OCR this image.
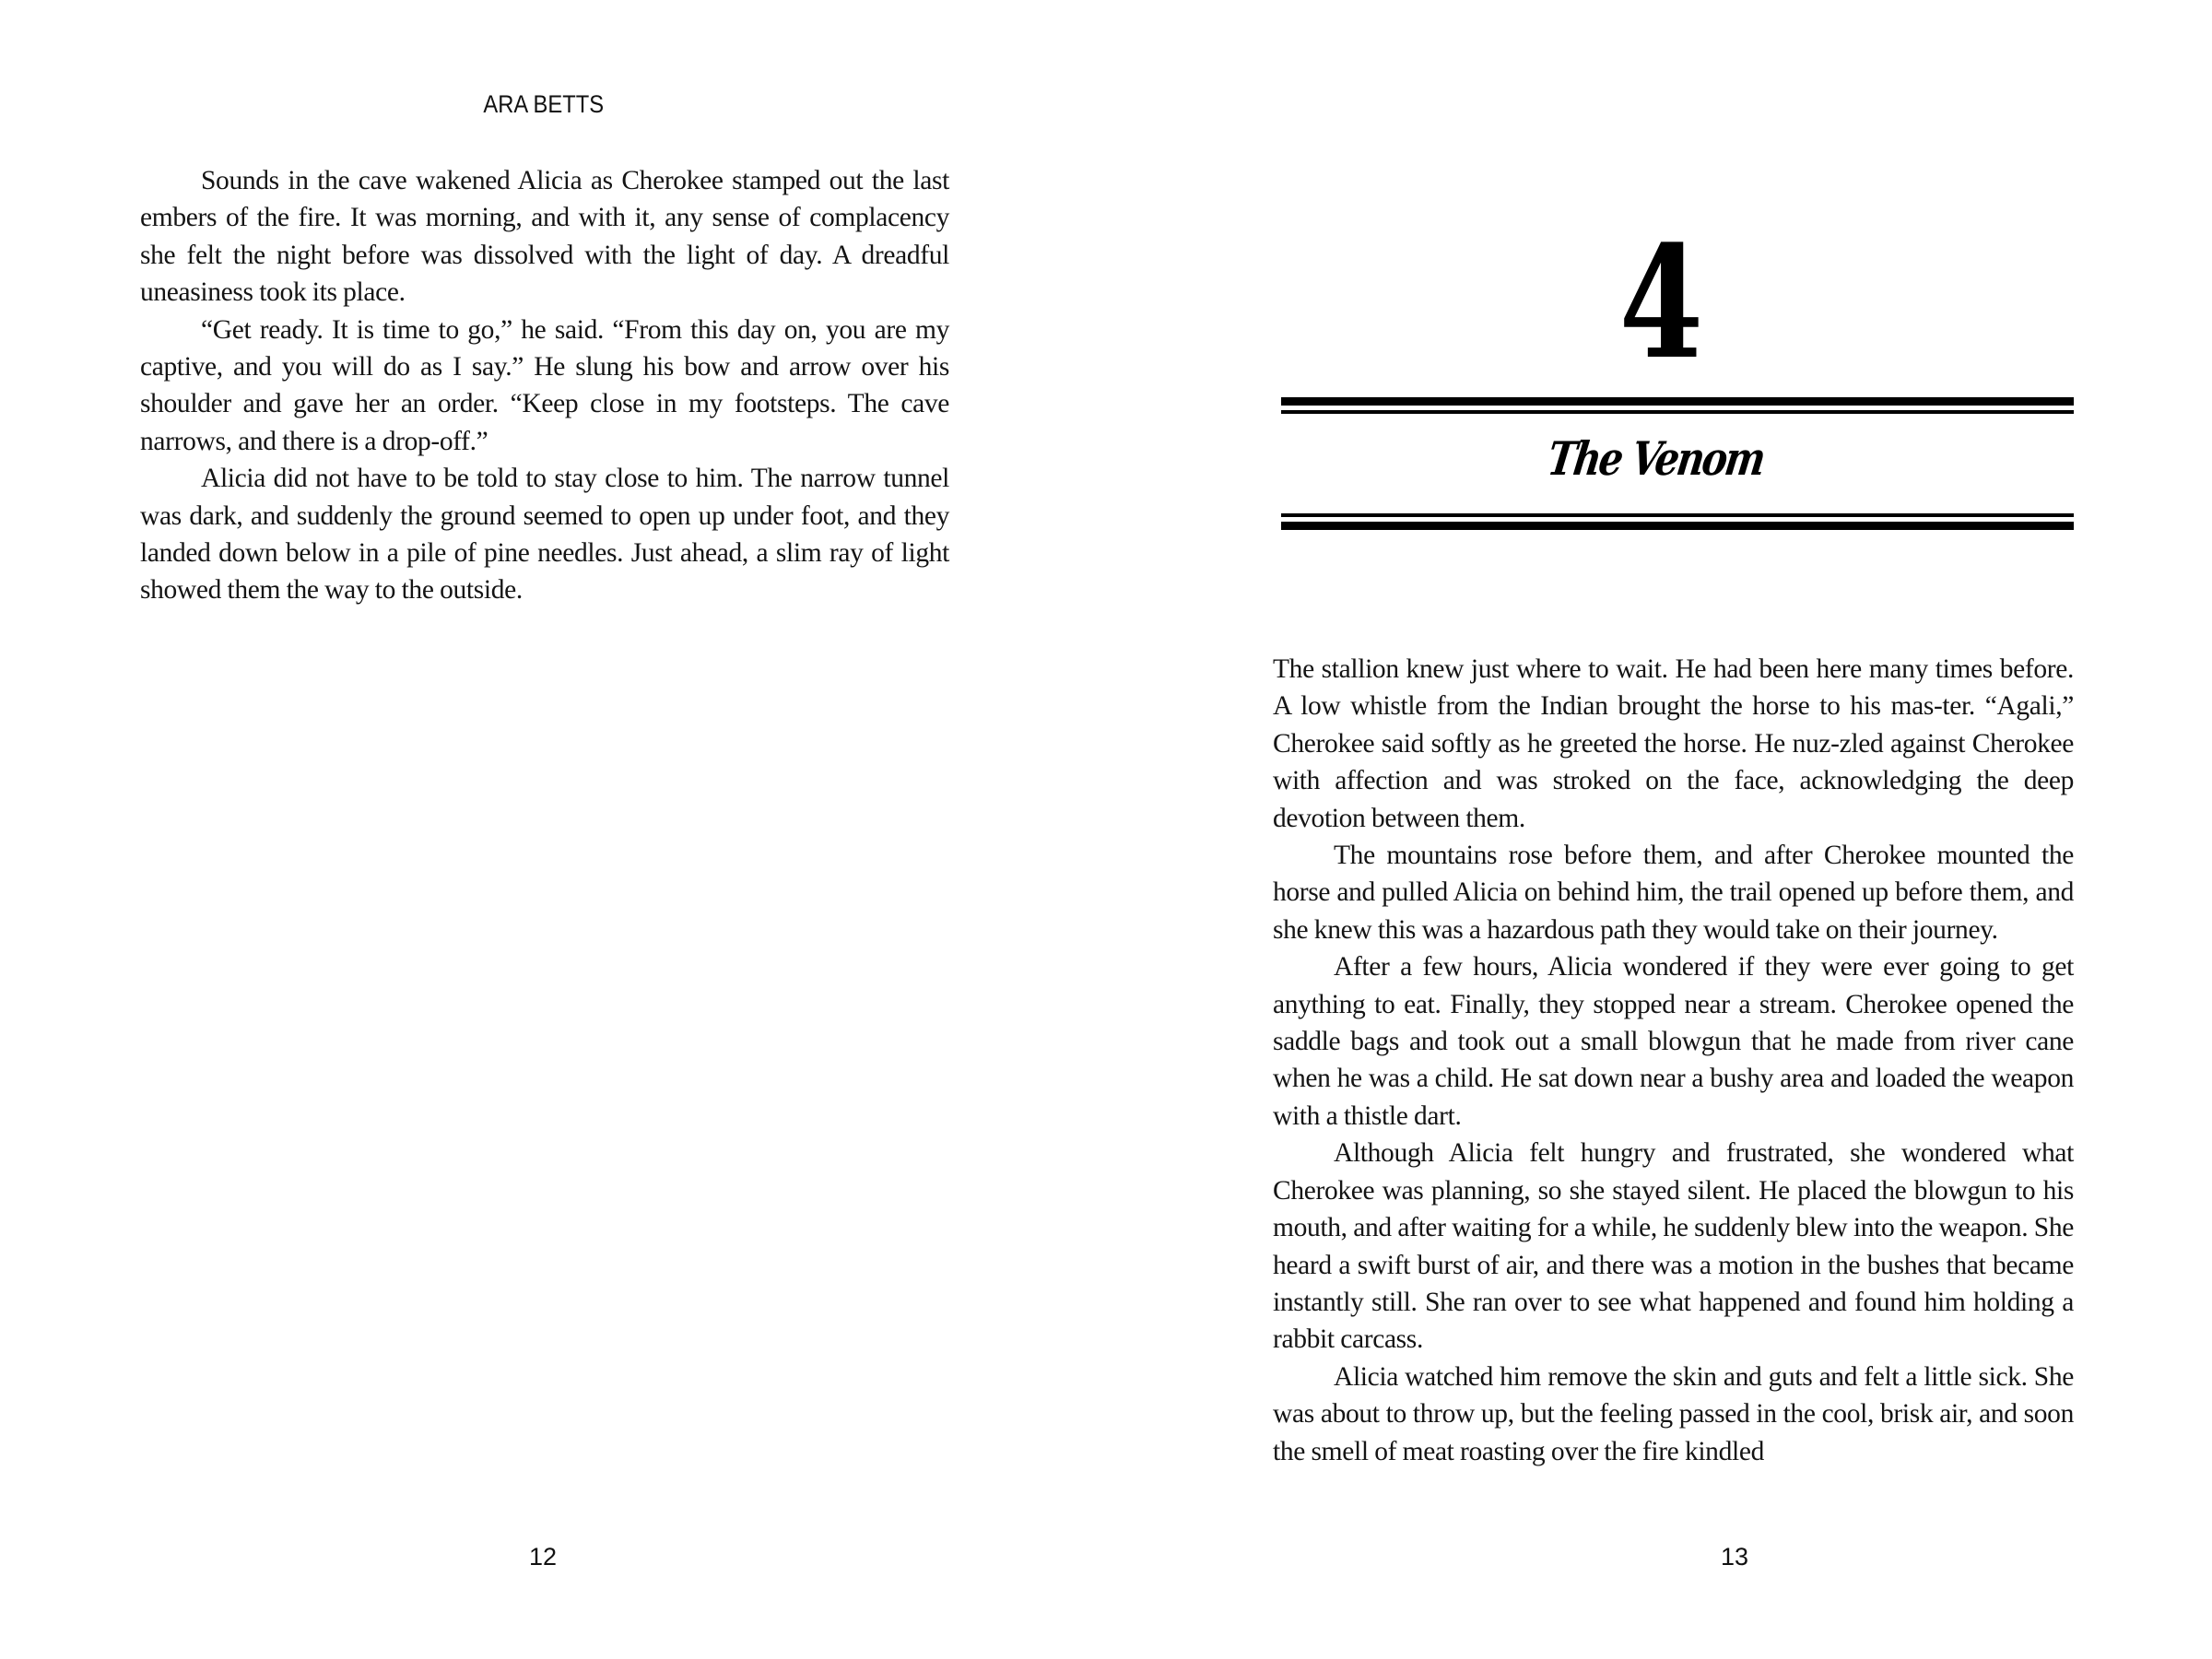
ARA BETTS

Sounds in the cave wakened Alicia as Cherokee stamped out the last embers of the fire. It was morning, and with it, any sense of complacency she felt the night before was dissolved with the light of day. A dreadful uneasiness took its place.

“Get ready. It is time to go,” he said. “From this day on, you are my captive, and you will do as I say.” He slung his bow and arrow over his shoulder and gave her an order. “Keep close in my footsteps. The cave narrows, and there is a drop-off.”

Alicia did not have to be told to stay close to him. The narrow tunnel was dark, and suddenly the ground seemed to open up under foot, and they landed down below in a pile of pine needles. Just ahead, a slim ray of light showed them the way to the outside.

12
4
The Venom

The stallion knew just where to wait. He had been here many times before. A low whistle from the Indian brought the horse to his mas-ter. “Agali,” Cherokee said softly as he greeted the horse. He nuz-zled against Cherokee with affection and was stroked on the face, acknowledging the deep devotion between them.

The mountains rose before them, and after Cherokee mounted the horse and pulled Alicia on behind him, the trail opened up before them, and she knew this was a hazardous path they would take on their journey.

After a few hours, Alicia wondered if they were ever going to get anything to eat. Finally, they stopped near a stream. Cherokee opened the saddle bags and took out a small blowgun that he made from river cane when he was a child. He sat down near a bushy area and loaded the weapon with a thistle dart.

Although Alicia felt hungry and frustrated, she wondered what Cherokee was planning, so she stayed silent. He placed the blowgun to his mouth, and after waiting for a while, he suddenly blew into the weapon. She heard a swift burst of air, and there was a motion in the bushes that became instantly still. She ran over to see what happened and found him holding a rabbit carcass.

Alicia watched him remove the skin and guts and felt a little sick. She was about to throw up, but the feeling passed in the cool, brisk air, and soon the smell of meat roasting over the fire kindled

13
